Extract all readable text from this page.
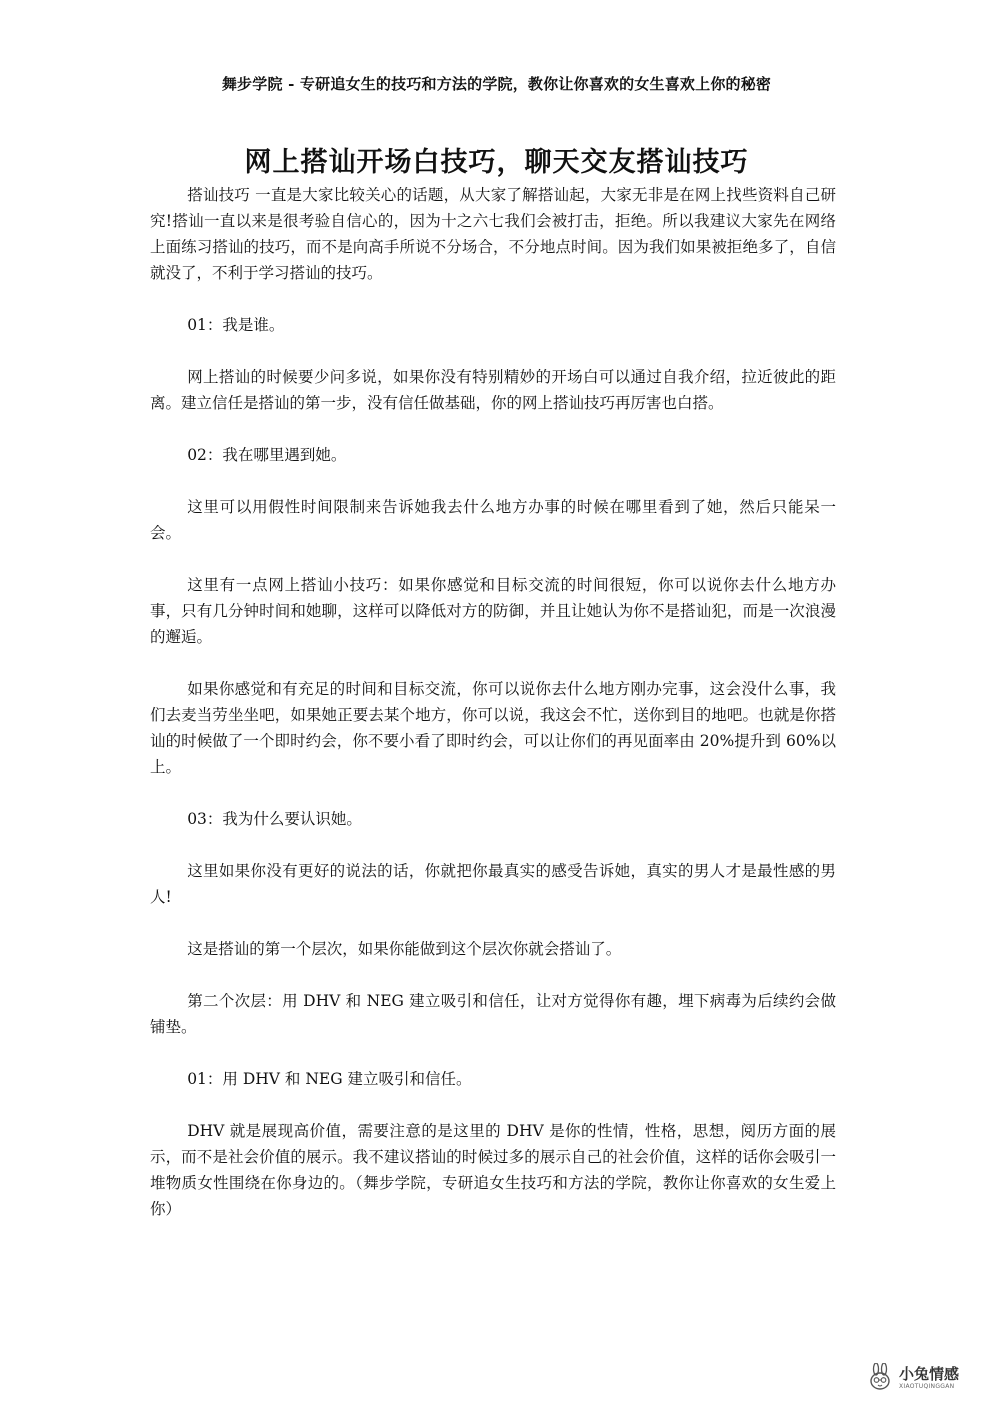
舞步学院 - 专研追女生的技巧和方法的学院，教你让你喜欢的女生喜欢上你的秘密
网上搭讪开场白技巧，聊天交友搭讪技巧

搭讪技巧 一直是大家比较关心的话题，从大家了解搭讪起，大家无非是在网上找些资料自己研究!搭讪一直以来是很考验自信心的，因为十之六七我们会被打击，拒绝。所以我建议大家先在网络上面练习搭讪的技巧，而不是向高手所说不分场合，不分地点时间。因为我们如果被拒绝多了，自信就没了，不利于学习搭讪的技巧。

01：我是谁。

网上搭讪的时候要少问多说，如果你没有特别精妙的开场白可以通过自我介绍，拉近彼此的距离。建立信任是搭讪的第一步，没有信任做基础，你的网上搭讪技巧再厉害也白搭。

02：我在哪里遇到她。

这里可以用假性时间限制来告诉她我去什么地方办事的时候在哪里看到了她，然后只能呆一会。

这里有一点网上搭讪小技巧：如果你感觉和目标交流的时间很短，你可以说你去什么地方办事，只有几分钟时间和她聊，这样可以降低对方的防御，并且让她认为你不是搭讪犯，而是一次浪漫的邂逅。

如果你感觉和有充足的时间和目标交流，你可以说你去什么地方刚办完事，这会没什么事，我们去麦当劳坐坐吧，如果她正要去某个地方，你可以说，我这会不忙，送你到目的地吧。也就是你搭讪的时候做了一个即时约会，你不要小看了即时约会，可以让你们的再见面率由 20%提升到 60%以上。

03：我为什么要认识她。

这里如果你没有更好的说法的话，你就把你最真实的感受告诉她，真实的男人才是最性感的男人!

这是搭讪的第一个层次，如果你能做到这个层次你就会搭讪了。

第二个次层：用 DHV 和 NEG 建立吸引和信任，让对方觉得你有趣，埋下病毒为后续约会做铺垫。

01：用 DHV 和 NEG 建立吸引和信任。

DHV 就是展现高价值，需要注意的是这里的 DHV 是你的性情，性格，思想，阅历方面的展示，而不是社会价值的展示。我不建议搭讪的时候过多的展示自己的社会价值，这样的话你会吸引一堆物质女性围绕在你身边的。（舞步学院，专研追女生技巧和方法的学院，教你让你喜欢的女生爱上你）

小兔情感
XIAOTUQINGGAN
